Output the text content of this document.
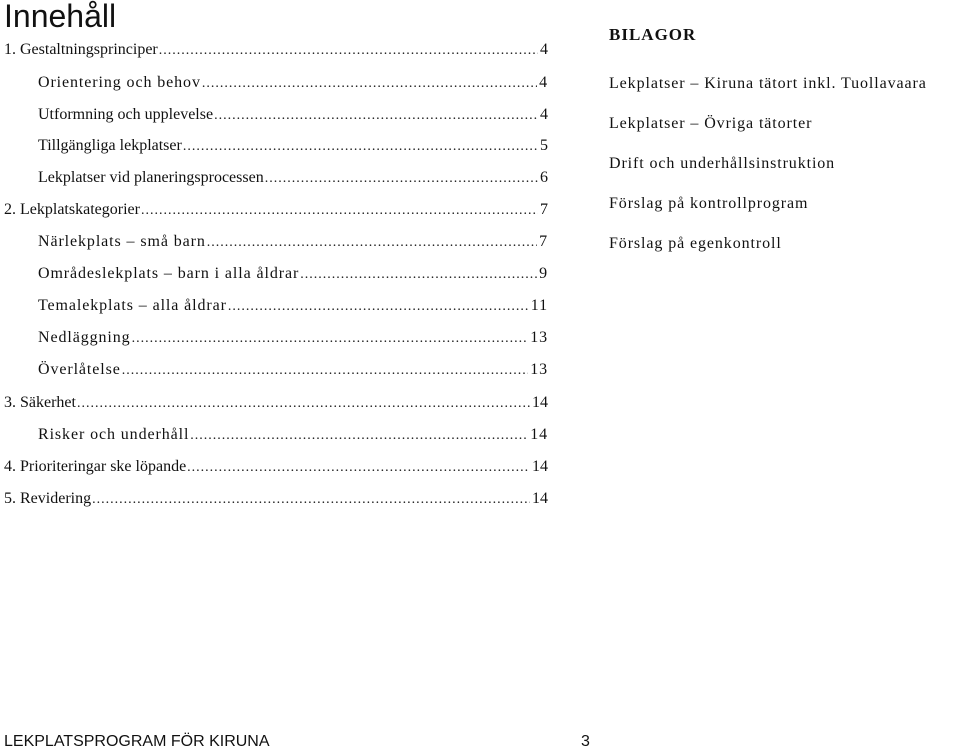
Innehåll
1. Gestaltningsprinciper .....	4
Orientering och behov .....	4
Utformning och upplevelse .....	4
Tillgängliga lekplatser .....	5
Lekplatser vid planeringsprocessen .....	6
2. Lekplatskategorier .....	7
Närlekplats – små barn .....	7
Områdeslekplats – barn i alla åldrar .....	9
Temalekplats – alla åldrar .....	11
Nedläggning .....	13
Överlåtelse .....	13
3. Säkerhet .....	14
Risker och underhåll .....	14
4. Prioriteringar ske löpande .....	14
5. Revidering .....	14
BILAGOR
Lekplatser – Kiruna tätort inkl. Tuollavaara
Lekplatser – Övriga tätorter
Drift och underhållsinstruktion
Förslag på kontrollprogram
Förslag på egenkontroll
LEKPLATSPROGRAM FÖR KIRUNA	3
